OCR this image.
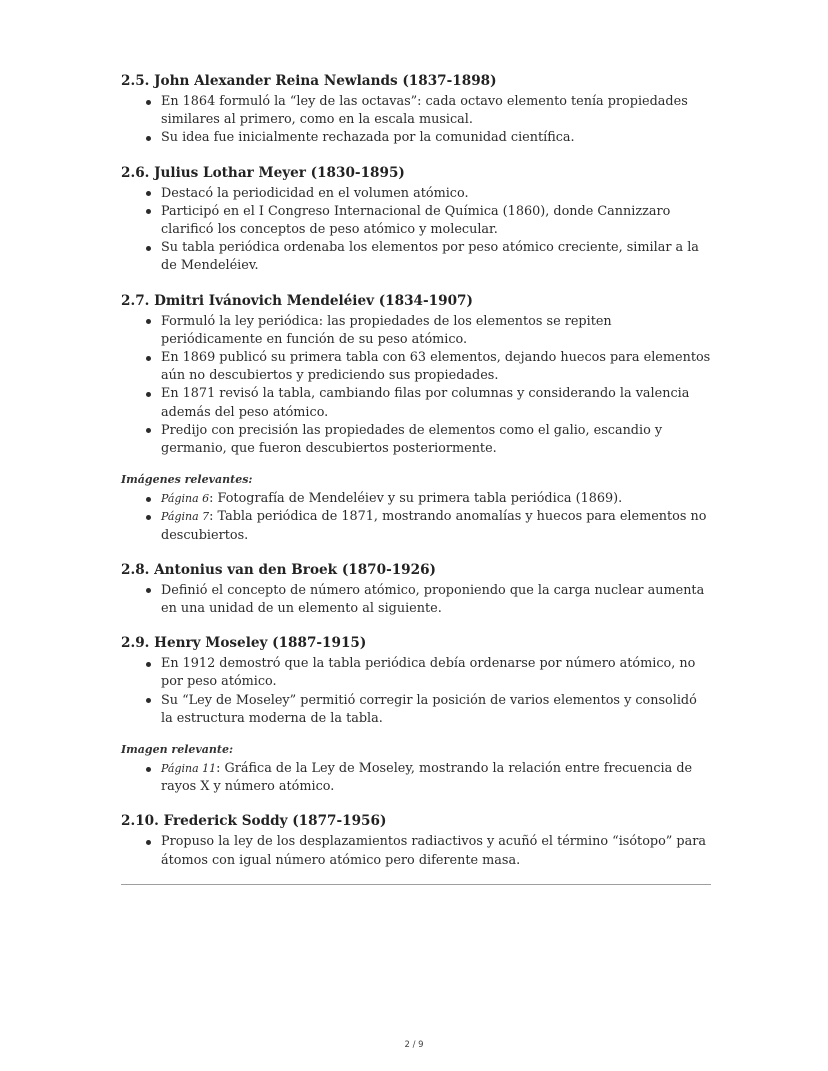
2.5. John Alexander Reina Newlands (1837-1898)
En 1864 formuló la “ley de las octavas”: cada octavo elemento tenía propiedades similares al primero, como en la escala musical.
Su idea fue inicialmente rechazada por la comunidad científica.
2.6. Julius Lothar Meyer (1830-1895)
Destacó la periodicidad en el volumen atómico.
Participó en el I Congreso Internacional de Química (1860), donde Cannizzaro clarificó los conceptos de peso atómico y molecular.
Su tabla periódica ordenaba los elementos por peso atómico creciente, similar a la de Mendeléiev.
2.7. Dmitri Ivánovich Mendeléiev (1834-1907)
Formuló la ley periódica: las propiedades de los elementos se repiten periódicamente en función de su peso atómico.
En 1869 publicó su primera tabla con 63 elementos, dejando huecos para elementos aún no descubiertos y prediciendo sus propiedades.
En 1871 revisó la tabla, cambiando filas por columnas y considerando la valencia además del peso atómico.
Predijo con precisión las propiedades de elementos como el galio, escandio y germanio, que fueron descubiertos posteriormente.
Imágenes relevantes:
Página 6: Fotografía de Mendeléiev y su primera tabla periódica (1869).
Página 7: Tabla periódica de 1871, mostrando anomalías y huecos para elementos no descubiertos.
2.8. Antonius van den Broek (1870-1926)
Definió el concepto de número atómico, proponiendo que la carga nuclear aumenta en una unidad de un elemento al siguiente.
2.9. Henry Moseley (1887-1915)
En 1912 demostró que la tabla periódica debía ordenarse por número atómico, no por peso atómico.
Su “Ley de Moseley” permitió corregir la posición de varios elementos y consolidó la estructura moderna de la tabla.
Imagen relevante:
Página 11: Gráfica de la Ley de Moseley, mostrando la relación entre frecuencia de rayos X y número atómico.
2.10. Frederick Soddy (1877-1956)
Propuso la ley de los desplazamientos radiactivos y acuñó el término “isótopo” para átomos con igual número atómico pero diferente masa.
2 / 9
